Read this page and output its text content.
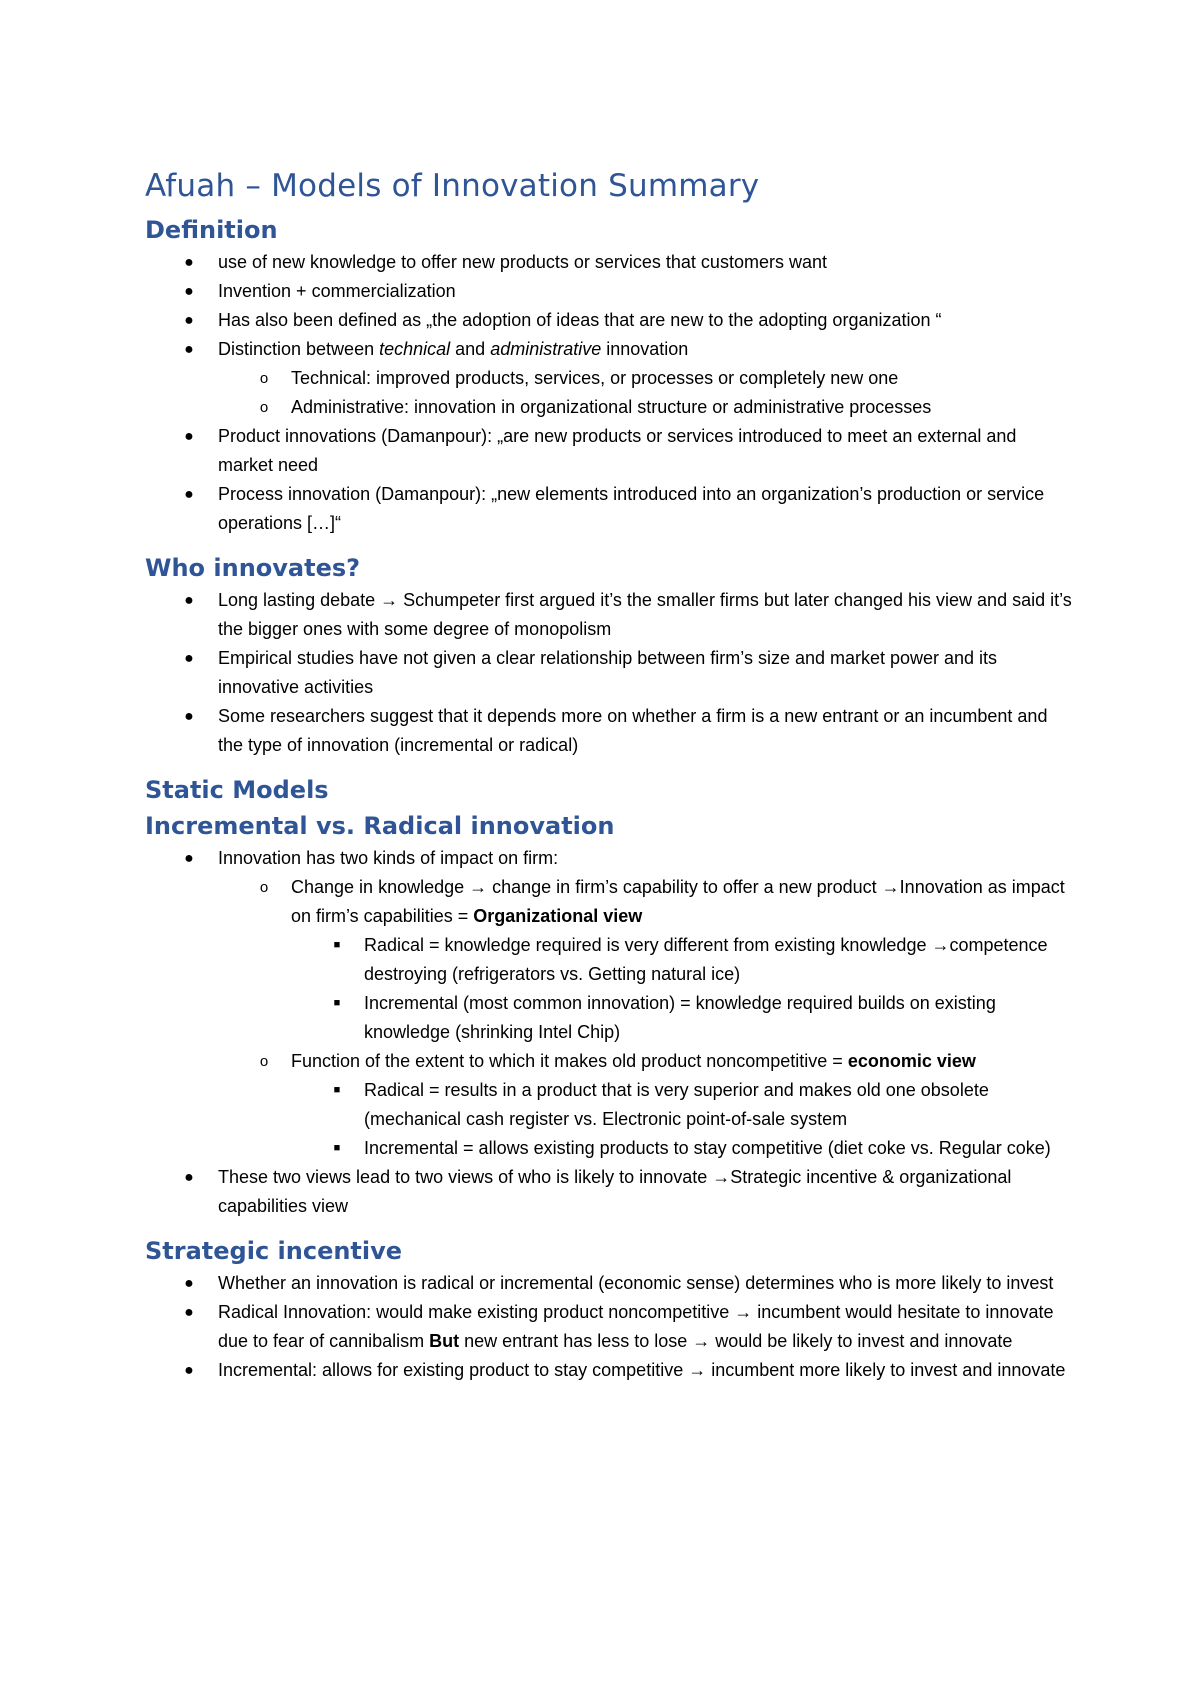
Afuah – Models of Innovation Summary
Definition
● use of new knowledge to offer new products or services that customers want
● Invention + commercialization
● Has also been defined as „the adoption of ideas that are new to the adopting organization “
● Distinction between technical and administrative innovation
o	Technical: improved products, services, or processes or completely new one
o	Administrative: innovation in organizational structure or administrative processes
● Product innovations (Damanpour): „are new products or services introduced to meet an external and market need
● Process innovation (Damanpour): „new elements introduced into an organization’s production or service operations […]“
Who innovates?
● Long lasting debate → Schumpeter first argued it’s the smaller firms but later changed his view and said it’s the bigger ones with some degree of monopolism
● Empirical studies have not given a clear relationship between firm’s size and market power and its innovative activities
● Some researchers suggest that it depends more on whether a firm is a new entrant or an incumbent and the type of innovation (incremental or radical)
Static Models
Incremental vs. Radical innovation
● Innovation has two kinds of impact on firm:
o	Change in knowledge → change in firm’s capability to offer a new product →Innovation as impact on firm’s capabilities = Organizational view
■	Radical = knowledge required is very different from existing knowledge →competence destroying (refrigerators vs. Getting natural ice)
■	Incremental (most common innovation) = knowledge required builds on existing knowledge (shrinking Intel Chip)
o	Function of the extent to which it makes old product noncompetitive = economic view
■	Radical = results in a product that is very superior and makes old one obsolete (mechanical cash register vs. Electronic point-of-sale system
■	Incremental = allows existing products to stay competitive (diet coke vs. Regular coke)
● These two views lead to two views of who is likely to innovate →Strategic incentive & organizational capabilities view
Strategic incentive
● Whether an innovation is radical or incremental (economic sense) determines who is more likely to invest
● Radical Innovation: would make existing product noncompetitive → incumbent would hesitate to innovate due to fear of cannibalism But new entrant has less to lose → would be likely to invest and innovate
● Incremental: allows for existing product to stay competitive → incumbent more likely to invest and innovate
